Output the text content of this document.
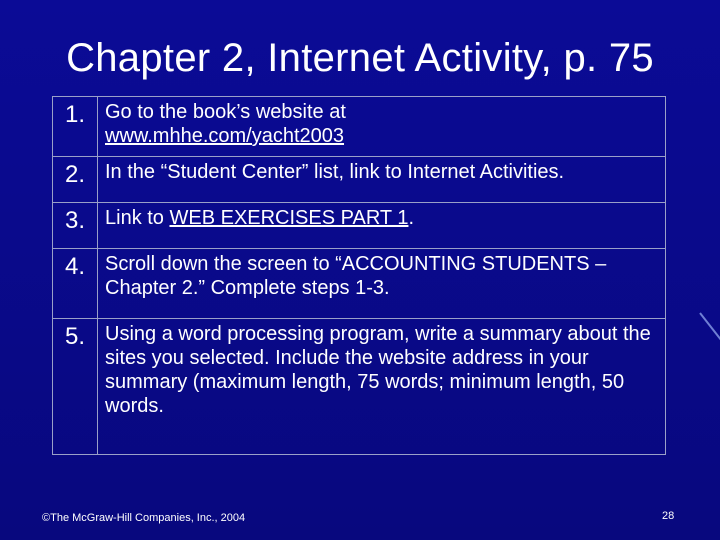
Chapter 2, Internet Activity, p. 75
1.	Go to the book’s website at
www.mhhe.com/yacht2003
2.	In the “Student Center” list, link to Internet Activities.
3.	Link to WEB EXERCISES PART 1.
4.	Scroll down the screen to “ACCOUNTING STUDENTS – Chapter 2.” Complete steps 1-3.
5.	Using a word processing program, write a summary about the sites you selected. Include the website address in your summary (maximum length, 75 words; minimum length, 50 words.
©The McGraw-Hill Companies, Inc., 2004	28
